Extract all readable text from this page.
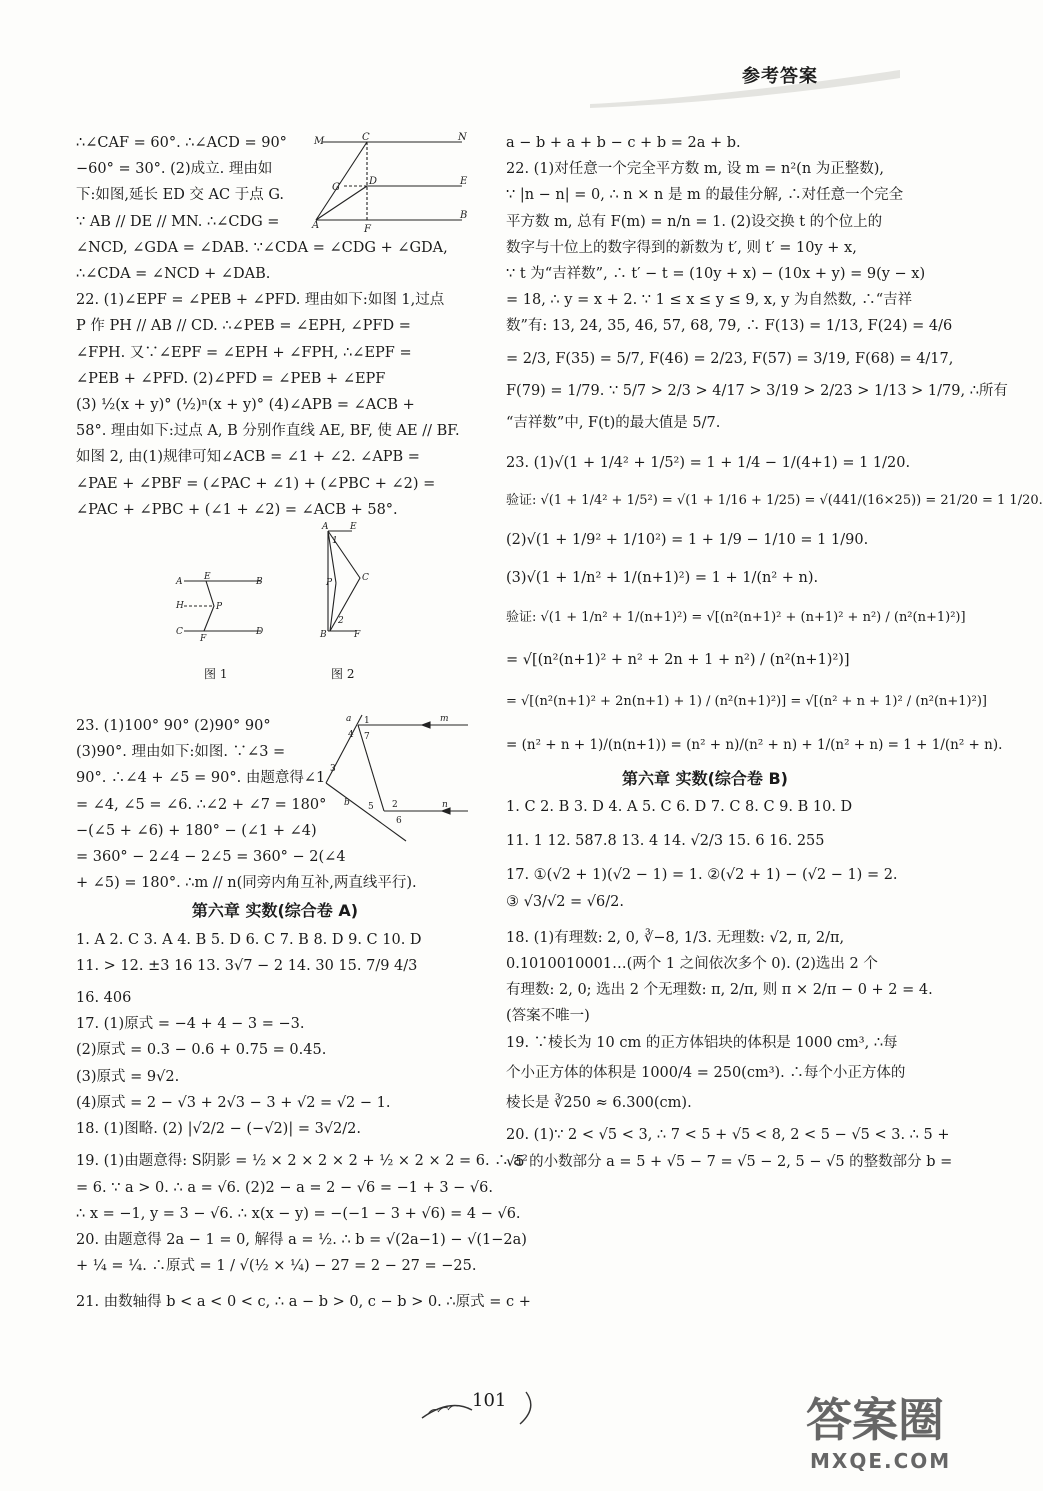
参考答案
∴∠CAF = 60°. ∴∠ACD = 90°
−60° = 30°. (2)成立. 理由如
下:如图,延长 ED 交 AC 于点 G.
∵ AB // DE // MN. ∴∠CDG =
∠NCD, ∠GDA = ∠DAB. ∵∠CDA = ∠CDG + ∠GDA,
∴∠CDA = ∠NCD + ∠DAB.
M	C	N
G
D	E
A	F
B
22. (1)∠EPF = ∠PEB + ∠PFD. 理由如下:如图 1,过点
P 作 PH // AB // CD. ∴∠PEB = ∠EPH, ∠PFD =
∠FPH. 又∵∠EPF = ∠EPH + ∠FPH, ∴∠EPF =
∠PEB + ∠PFD. (2)∠PFD = ∠PEB + ∠EPF
(3) ½(x + y)° (½)ⁿ(x + y)° (4)∠APB = ∠ACB +
58°. 理由如下:过点 A, B 分别作直线 AE, BF, 使 AE // BF.
如图 2, 由(1)规律可知∠ACB = ∠1 + ∠2. ∠APB =
∠PAE + ∠PBF = (∠PAC + ∠1) + (∠PBC + ∠2) =
∠PAC + ∠PBC + (∠1 + ∠2) = ∠ACB + 58°.
A E	B
H	P
C
F
D
图 1
A E
1
C
P
2
B	F
图 2
23. (1)100° 90° (2)90° 90°
(3)90°. 理由如下:如图. ∵∠3 =
90°. ∴∠4 + ∠5 = 90°. 由题意得∠1
= ∠4, ∠5 = ∠6. ∴∠2 + ∠7 = 180°
−(∠5 + ∠6) + 180° − (∠1 + ∠4)
= 360° − 2∠4 − 2∠5 = 360° − 2(∠4
+ ∠5) = 180°. ∴m // n(同旁内角互补,两直线平行).
1
4 7
3
b 5 2
6
m
n
a
第六章 实数(综合卷 A)
1. A 2. C 3. A 4. B 5. D 6. C 7. B 8. D 9. C 10. D
11. > 12. ±3 16 13. 3√7 − 2 14. 30 15. 7/9 4/3
16. 406
17. (1)原式 = −4 + 4 − 3 = −3.
(2)原式 = 0.3 − 0.6 + 0.75 = 0.45.
(3)原式 = 9√2.
(4)原式 = 2 − √3 + 2√3 − 3 + √2 = √2 − 1.
18. (1)图略. (2) |√2/2 − (−√2)| = 3√2/2.
19. (1)由题意得: S阴影 = ½ × 2 × 2 × 2 + ½ × 2 × 2 = 6. ∴ a²
= 6. ∵ a > 0. ∴ a = √6. (2)2 − a = 2 − √6 = −1 + 3 − √6.
∴ x = −1, y = 3 − √6. ∴ x(x − y) = −(−1 − 3 + √6) = 4 − √6.
20. 由题意得 2a − 1 = 0, 解得 a = ½. ∴ b = √(2a−1) − √(1−2a)
+ ¼ = ¼. ∴原式 = 1 / √(½ × ¼) − 27 = 2 − 27 = −25.
21. 由数轴得 b < a < 0 < c, ∴ a − b > 0, c − b > 0. ∴原式 = c +
a − b + a + b − c + b = 2a + b.
22. (1)对任意一个完全平方数 m, 设 m = n²(n 为正整数),
∵ |n − n| = 0, ∴ n × n 是 m 的最佳分解, ∴对任意一个完全
平方数 m, 总有 F(m) = n/n = 1. (2)设交换 t 的个位上的
数字与十位上的数字得到的新数为 t′, 则 t′ = 10y + x,
∵ t 为“吉祥数”, ∴ t′ − t = (10y + x) − (10x + y) = 9(y − x)
= 18, ∴ y = x + 2. ∵ 1 ≤ x ≤ y ≤ 9, x, y 为自然数, ∴“吉祥
数”有: 13, 24, 35, 46, 57, 68, 79, ∴ F(13) = 1/13, F(24) = 4/6
= 2/3, F(35) = 5/7, F(46) = 2/23, F(57) = 3/19, F(68) = 4/17,
F(79) = 1/79. ∵ 5/7 > 2/3 > 4/17 > 3/19 > 2/23 > 1/13 > 1/79, ∴所有
“吉祥数”中, F(t)的最大值是 5/7.
23. (1)√(1 + 1/4² + 1/5²) = 1 + 1/4 − 1/(4+1) = 1 1/20.
验证: √(1 + 1/4² + 1/5²) = √(1 + 1/16 + 1/25) = √(441/(16×25)) = 21/20 = 1 1/20.
(2)√(1 + 1/9² + 1/10²) = 1 + 1/9 − 1/10 = 1 1/90.
(3)√(1 + 1/n² + 1/(n+1)²) = 1 + 1/(n² + n).
验证: √(1 + 1/n² + 1/(n+1)²) = √[(n²(n+1)² + (n+1)² + n²) / (n²(n+1)²)]
= √[(n²(n+1)² + n² + 2n + 1 + n²) / (n²(n+1)²)]
= √[(n²(n+1)² + 2n(n+1) + 1) / (n²(n+1)²)] = √[(n² + n + 1)² / (n²(n+1)²)]
= (n² + n + 1)/(n(n+1)) = (n² + n)/(n² + n) + 1/(n² + n) = 1 + 1/(n² + n).
第六章 实数(综合卷 B)
1. C 2. B 3. D 4. A 5. C 6. D 7. C 8. C 9. B 10. D
11. 1 12. 587.8 13. 4 14. √2/3 15. 6 16. 255
17. ①(√2 + 1)(√2 − 1) = 1. ②(√2 + 1) − (√2 − 1) = 2.
③ √3/√2 = √6/2.
18. (1)有理数: 2, 0, ∛−8, 1/3. 无理数: √2, π, 2/π,
0.1010010001…(两个 1 之间依次多个 0). (2)选出 2 个
有理数: 2, 0; 选出 2 个无理数: π, 2/π, 则 π × 2/π − 0 + 2 = 4.
(答案不唯一)
19. ∵棱长为 10 cm 的正方体铝块的体积是 1000 cm³, ∴每
个小正方体的体积是 1000/4 = 250(cm³). ∴每个小正方体的
棱长是 ∛250 ≈ 6.300(cm).
20. (1)∵ 2 < √5 < 3, ∴ 7 < 5 + √5 < 8, 2 < 5 − √5 < 3. ∴ 5 +
√5 的小数部分 a = 5 + √5 − 7 = √5 − 2, 5 − √5 的整数部分 b =
101	答案圈
MXQE.COM
